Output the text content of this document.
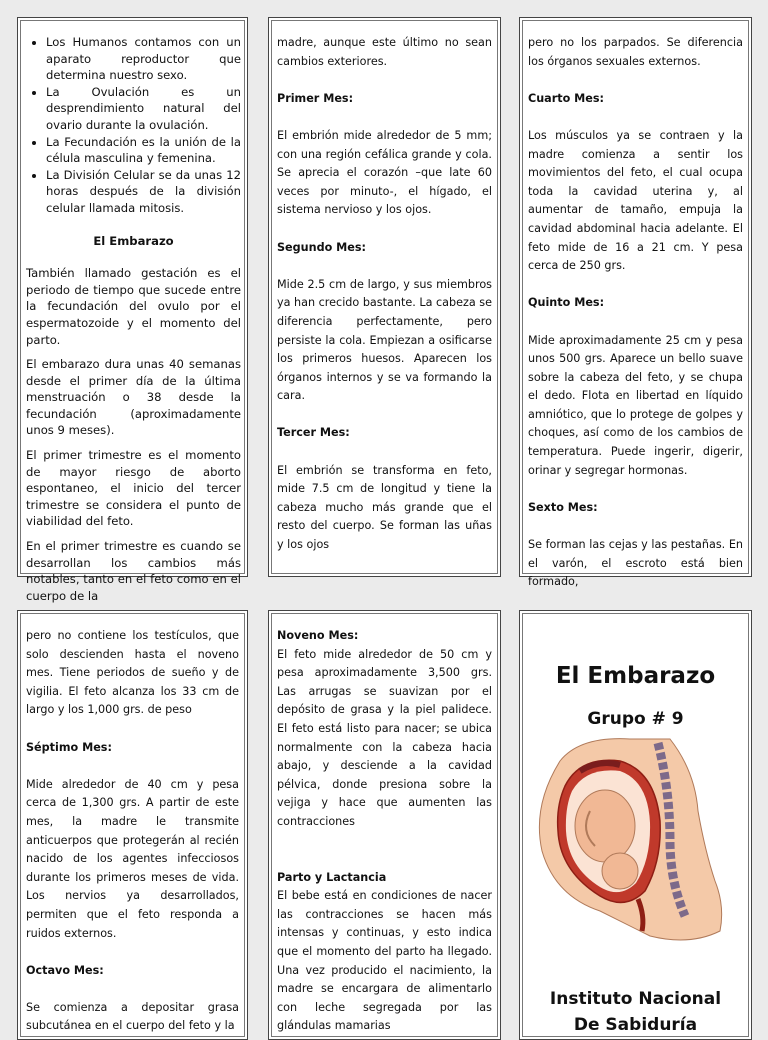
• Los Humanos contamos con un aparato reproductor que determina nuestro sexo.
• La Ovulación es un desprendimiento natural del ovario durante la ovulación.
• La Fecundación es la unión de la célula masculina y femenina.
• La División Celular se da unas 12 horas después de la división celular llamada mitosis.
El Embarazo

También llamado gestación es el periodo de tiempo que sucede entre la fecundación del ovulo por el espermatozoide y el momento del parto.

El embarazo dura unas 40 semanas desde el primer día de la última menstruación o 38 desde la fecundación (aproximadamente unos 9 meses).

El primer trimestre es el momento de mayor riesgo de aborto espontaneo, el inicio del tercer trimestre se considera el punto de viabilidad del feto.

En el primer trimestre es cuando se desarrollan los cambios más notables, tanto en el feto como en el cuerpo de la

madre, aunque este último no sean cambios exteriores.

Primer Mes:

El embrión mide alrededor de 5 mm; con una región cefálica grande y cola. Se aprecia el corazón –que late 60 veces por minuto-, el hígado, el sistema nervioso y los ojos.

Segundo Mes:

Mide 2.5 cm de largo, y sus miembros ya han crecido bastante. La cabeza se diferencia perfectamente, pero persiste la cola. Empiezan a osificarse los primeros huesos. Aparecen los órganos internos y se va formando la cara.

Tercer Mes:

El embrión se transforma en feto, mide 7.5 cm de longitud y tiene la cabeza mucho más grande que el resto del cuerpo. Se forman las uñas y los ojos

pero no los parpados. Se diferencia los órganos sexuales externos.

Cuarto Mes:

Los músculos ya se contraen y la madre comienza a sentir los movimientos del feto, el cual ocupa toda la cavidad uterina y, al aumentar de tamaño, empuja la cavidad abdominal hacia adelante. El feto mide de 16 a 21 cm. Y pesa cerca de 250 grs.

Quinto Mes:

Mide aproximadamente 25 cm y pesa unos 500 grs. Aparece un bello suave sobre la cabeza del feto, y se chupa el dedo. Flota en libertad en líquido amniótico, que lo protege de golpes y choques, así como de los cambios de temperatura. Puede ingerir, digerir, orinar y segregar hormonas.

Sexto Mes:

Se forman las cejas y las pestañas. En el varón, el escroto está bien formado,

pero no contiene los testículos, que solo descienden hasta el noveno mes. Tiene periodos de sueño y de vigilia. El feto alcanza los 33 cm de largo y los 1,000 grs. de peso

Séptimo Mes:

Mide alrededor de 40 cm y pesa cerca de 1,300 grs. A partir de este mes, la madre le transmite anticuerpos que protegerán al recién nacido de los agentes infecciosos durante los primeros meses de vida. Los nervios ya desarrollados, permiten que el feto responda a ruidos externos.

Octavo Mes:

Se comienza a depositar grasa subcutánea en el cuerpo del feto y la

Noveno Mes:

El feto mide alrededor de 50 cm y pesa aproximadamente 3,500 grs. Las arrugas se suavizan por el depósito de grasa y la piel palidece. El feto está listo para nacer; se ubica normalmente con la cabeza hacia abajo, y desciende a la cavidad pélvica, donde presiona sobre la vejiga y hace que aumenten las contracciones

Parto y Lactancia

El bebe está en condiciones de nacer las contracciones se hacen más intensas y continuas, y esto indica que el momento del parto ha llegado. Una vez producido el nacimiento, la madre se encargara de alimentarlo con leche segregada por las glándulas mamarias

El Embarazo
Grupo # 9
Instituto Nacional
De Sabiduría
